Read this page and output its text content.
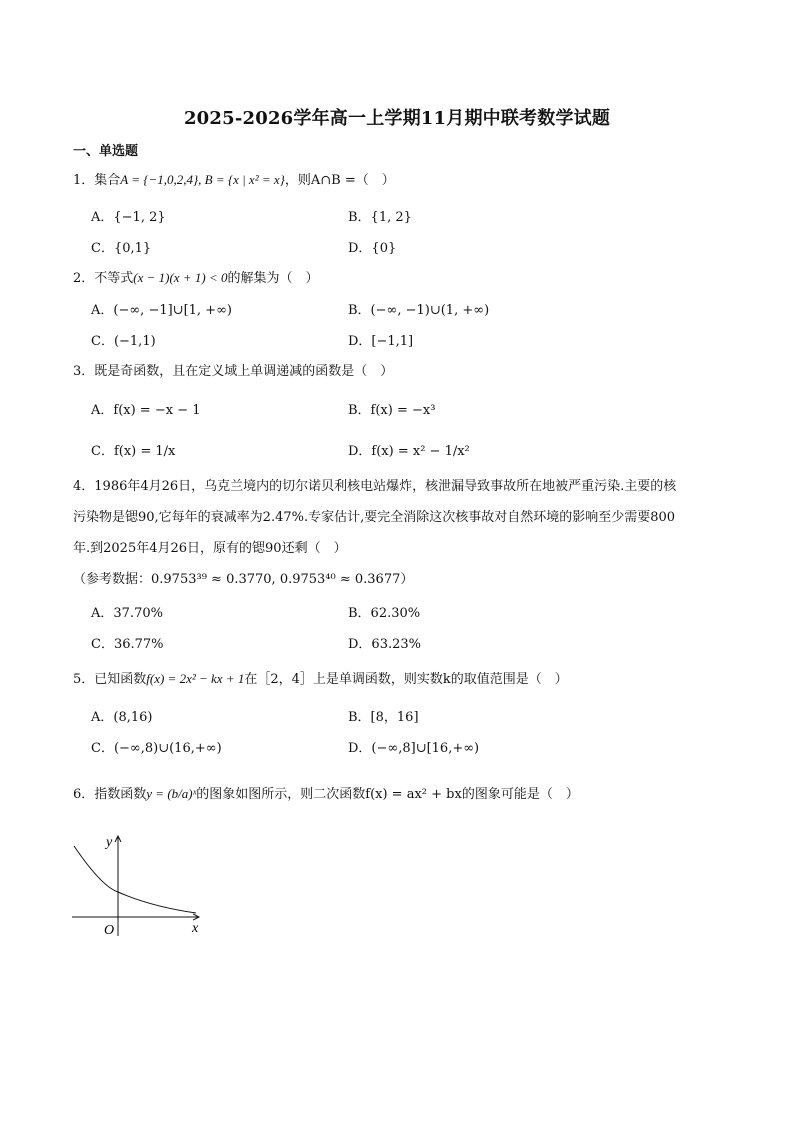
2025-2026学年高一上学期11月期中联考数学试题
一、单选题
1．集合A = {−1,0,2,4}, B = {x | x² = x}，则A∩B =（　）
A．{−1, 2}	B．{1, 2}
C．{0,1}	D．{0}
2．不等式(x − 1)(x + 1) < 0的解集为（　）
A．(−∞, −1]∪[1, +∞)	B．(−∞, −1)∪(1, +∞)
C．(−1,1)	D．[−1,1]
3．既是奇函数，且在定义域上单调递减的函数是（　）
A．f(x) = −x − 1	B．f(x) = −x³
C．f(x) = 1/x	D．f(x) = x² − 1/x²
4．1986年4月26日，乌克兰境内的切尔诺贝利核电站爆炸，核泄漏导致事故所在地被严重污染.主要的核
污染物是锶90,它每年的衰减率为2.47%.专家估计,要完全消除这次核事故对自然环境的影响至少需要800
年.到2025年4月26日，原有的锶90还剩（　）
（参考数据：0.9753³⁹ ≈ 0.3770, 0.9753⁴⁰ ≈ 0.3677）
A．37.70%	B．62.30%
C．36.77%	D．63.23%
5．已知函数f(x) = 2x² − kx + 1在［2，4］上是单调函数，则实数k的取值范围是（　）
A．(8,16)	B．[8，16]
C．(−∞,8)∪(16,+∞)	D．(−∞,8]∪[16,+∞)
6．指数函数y = (b/a)ˣ的图象如图所示，则二次函数f(x) = ax² + bx的图象可能是（　）
y
x
O
